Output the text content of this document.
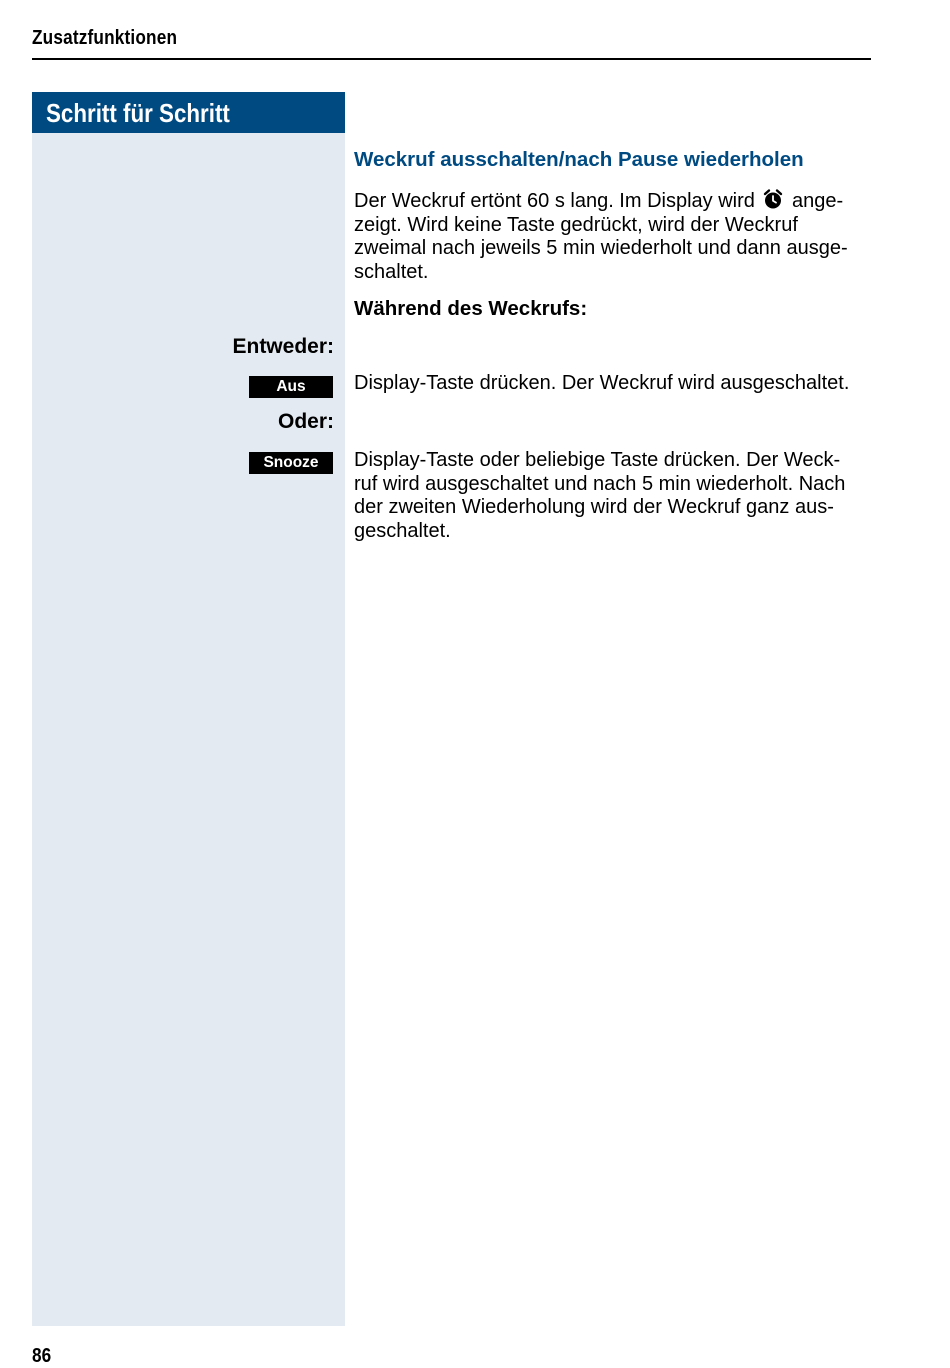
Zusatzfunktionen
Schritt für Schritt
Weckruf ausschalten/nach Pause wiederholen
Der Weckruf ertönt 60 s lang. Im Display wird ange-
zeigt. Wird keine Taste gedrückt, wird der Weckruf
zweimal nach jeweils 5 min wiederholt und dann ausge-
schaltet.
Während des Weckrufs:
Entweder:
Aus	Display-Taste drücken. Der Weckruf wird ausgeschaltet.
Oder:
Snooze	Display-Taste oder beliebige Taste drücken. Der Weck-
ruf wird ausgeschaltet und nach 5 min wiederholt. Nach
der zweiten Wiederholung wird der Weckruf ganz aus-
geschaltet.
86
